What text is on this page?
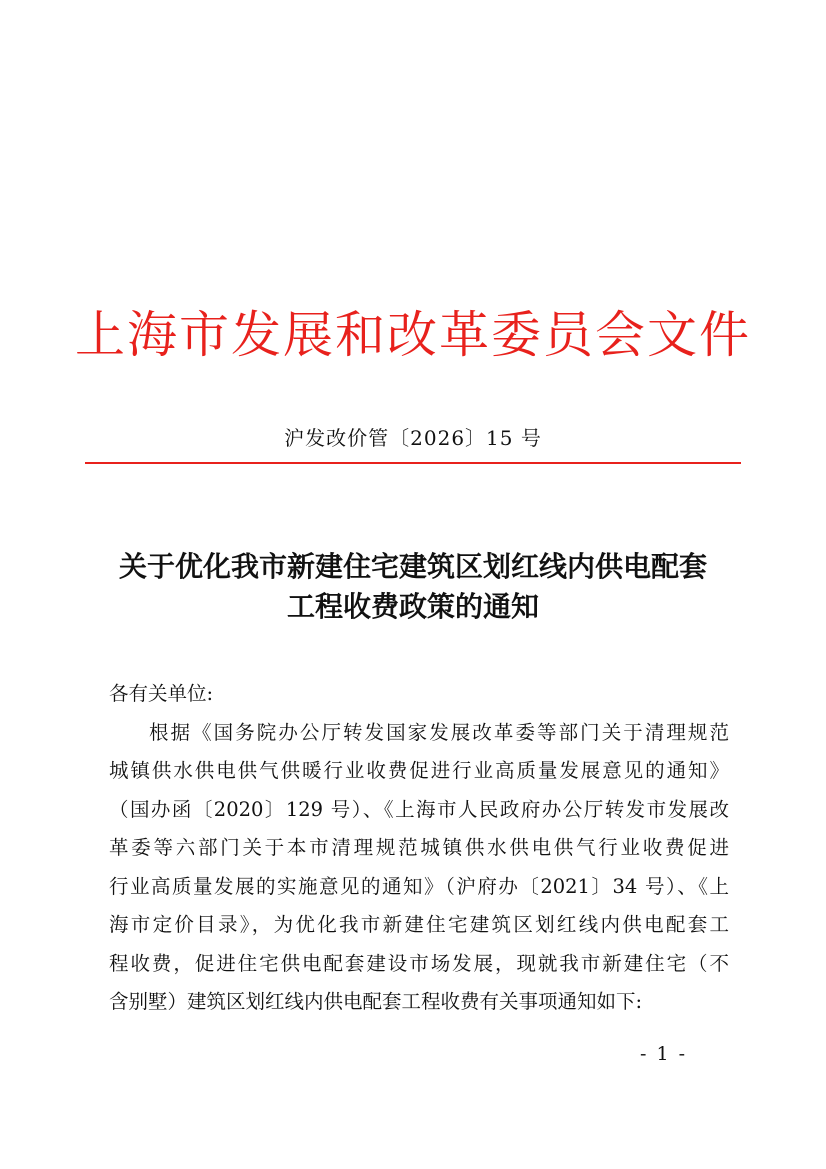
上海市发展和改革委员会文件
沪发改价管〔2026〕15 号
关于优化我市新建住宅建筑区划红线内供电配套
工程收费政策的通知
各有关单位:
根据《国务院办公厅转发国家发展改革委等部门关于清理规范
城镇供水供电供气供暖行业收费促进行业高质量发展意见的通知》
（国办函〔2020〕129 号）、《上海市人民政府办公厅转发市发展改
革委等六部门关于本市清理规范城镇供水供电供气行业收费促进
行业高质量发展的实施意见的通知》（沪府办〔2021〕34 号）、《上
海市定价目录》，为优化我市新建住宅建筑区划红线内供电配套工
程收费，促进住宅供电配套建设市场发展，现就我市新建住宅（不
含别墅）建筑区划红线内供电配套工程收费有关事项通知如下:
- 1 -
